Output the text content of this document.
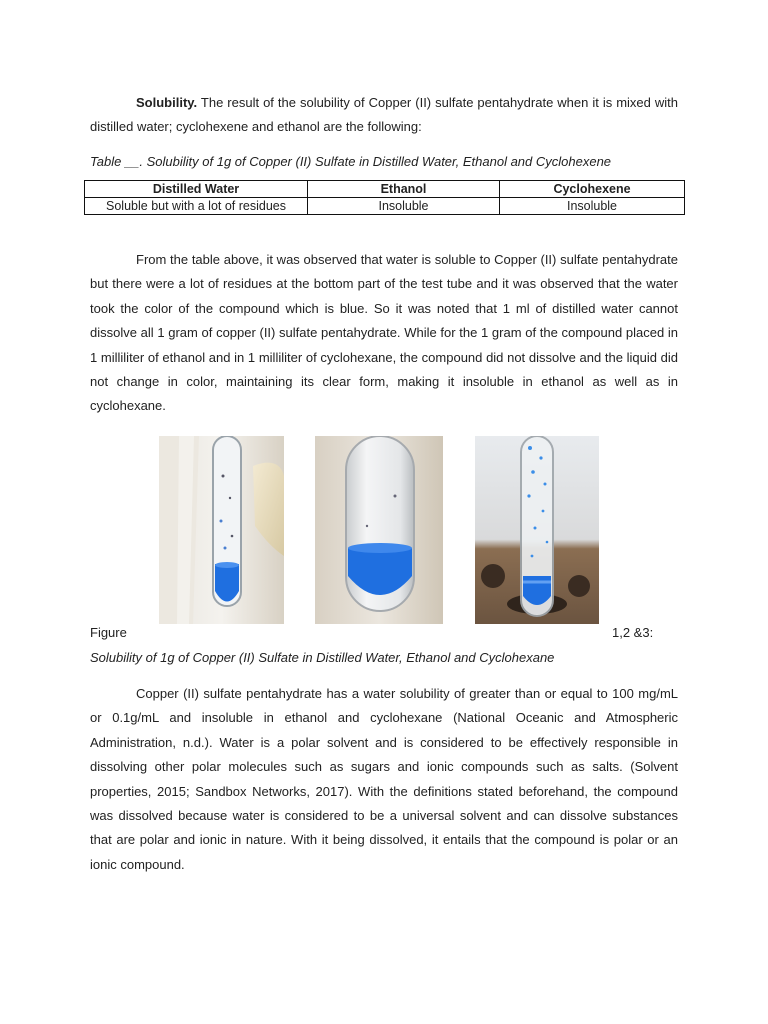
Solubility. The result of the solubility of Copper (II) sulfate pentahydrate when it is mixed with distilled water; cyclohexene and ethanol are the following:

Table __. Solubility of 1g of Copper (II) Sulfate in Distilled Water, Ethanol and Cyclohexene
Distilled Water	Ethanol	Cyclohexene
Soluble but with a lot of residues	Insoluble	Insoluble

From the table above, it was observed that water is soluble to Copper (II) sulfate pentahydrate but there were a lot of residues at the bottom part of the test tube and it was observed that the water took the color of the compound which is blue. So it was noted that 1 ml of distilled water cannot dissolve all 1 gram of copper (II) sulfate pentahydrate. While for the 1 gram of the compound placed in 1 milliliter of ethanol and in 1 milliliter of cyclohexane, the compound did not dissolve and the liquid did not change in color, maintaining its clear form, making it insoluble in ethanol as well as in cyclohexane.

Figure	1,2 &3:
Solubility of 1g of Copper (II) Sulfate in Distilled Water, Ethanol and Cyclohexane

Copper (II) sulfate pentahydrate has a water solubility of greater than or equal to 100 mg/mL or 0.1g/mL and insoluble in ethanol and cyclohexane (National Oceanic and Atmospheric Administration, n.d.). Water is a polar solvent and is considered to be effectively responsible in dissolving other polar molecules such as sugars and ionic compounds such as salts. (Solvent properties, 2015; Sandbox Networks, 2017). With the definitions stated beforehand, the compound was dissolved because water is considered to be a universal solvent and can dissolve substances that are polar and ionic in nature. With it being dissolved, it entails that the compound is polar or an ionic compound.
